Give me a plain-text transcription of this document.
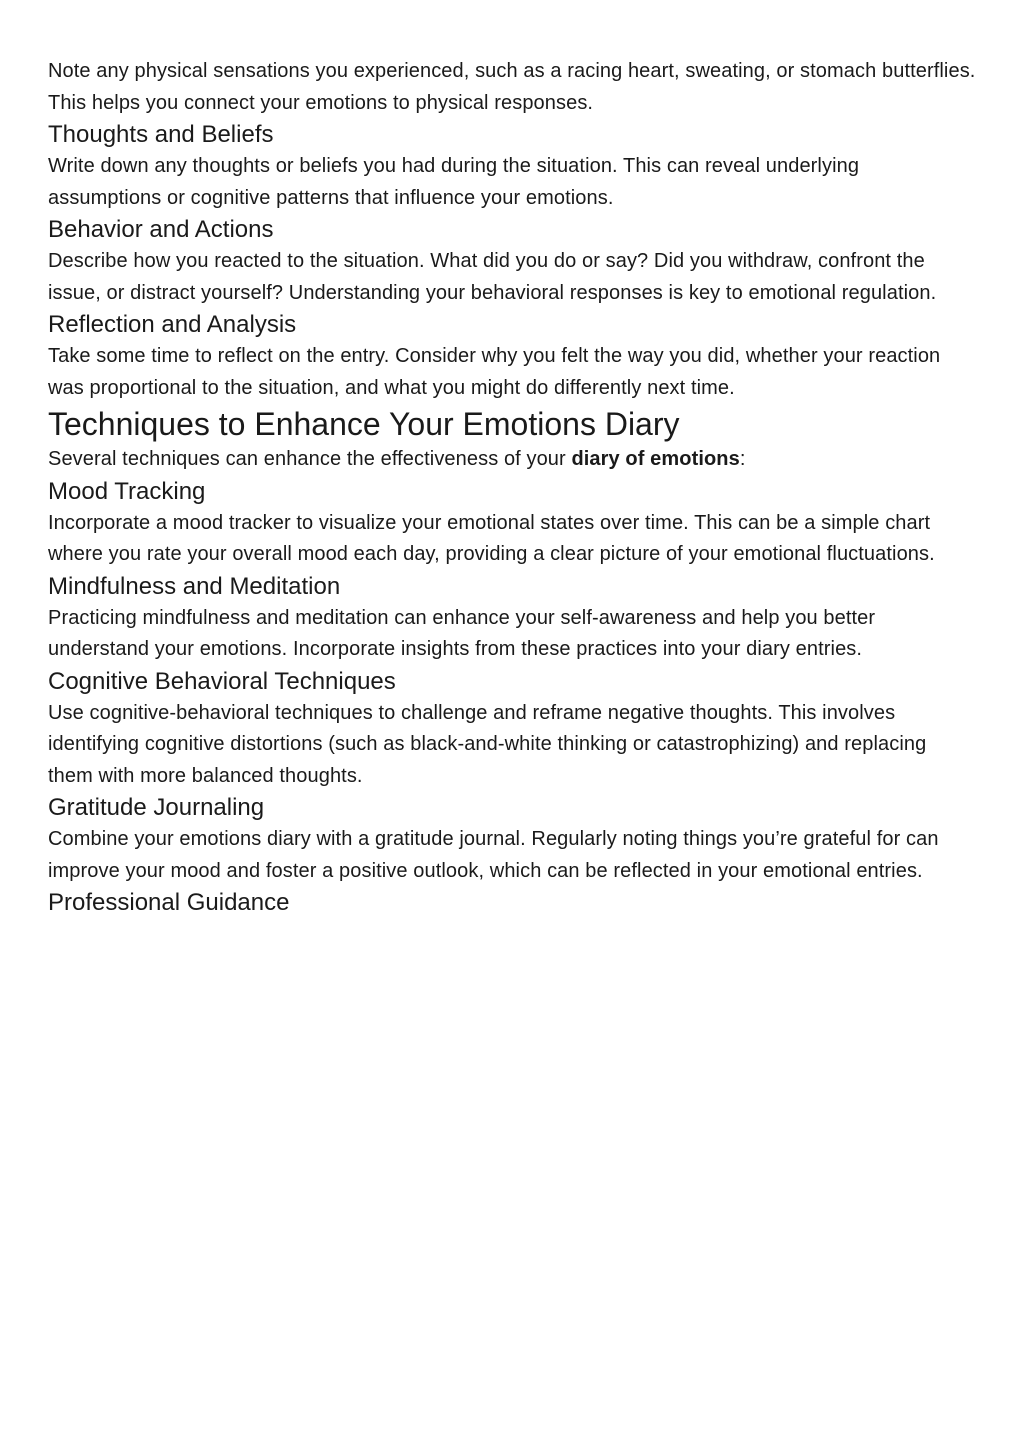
Note any physical sensations you experienced, such as a racing heart, sweating, or stomach butterflies. This helps you connect your emotions to physical responses.

Thoughts and Beliefs

Write down any thoughts or beliefs you had during the situation. This can reveal underlying assumptions or cognitive patterns that influence your emotions.

Behavior and Actions

Describe how you reacted to the situation. What did you do or say? Did you withdraw, confront the issue, or distract yourself? Understanding your behavioral responses is key to emotional regulation.

Reflection and Analysis

Take some time to reflect on the entry. Consider why you felt the way you did, whether your reaction was proportional to the situation, and what you might do differently next time.

Techniques to Enhance Your Emotions Diary

Several techniques can enhance the effectiveness of your diary of emotions:

Mood Tracking

Incorporate a mood tracker to visualize your emotional states over time. This can be a simple chart where you rate your overall mood each day, providing a clear picture of your emotional fluctuations.

Mindfulness and Meditation

Practicing mindfulness and meditation can enhance your self-awareness and help you better understand your emotions. Incorporate insights from these practices into your diary entries.

Cognitive Behavioral Techniques

Use cognitive-behavioral techniques to challenge and reframe negative thoughts. This involves identifying cognitive distortions (such as black-and-white thinking or catastrophizing) and replacing them with more balanced thoughts.

Gratitude Journaling

Combine your emotions diary with a gratitude journal. Regularly noting things you’re grateful for can improve your mood and foster a positive outlook, which can be reflected in your emotional entries.

Professional Guidance
